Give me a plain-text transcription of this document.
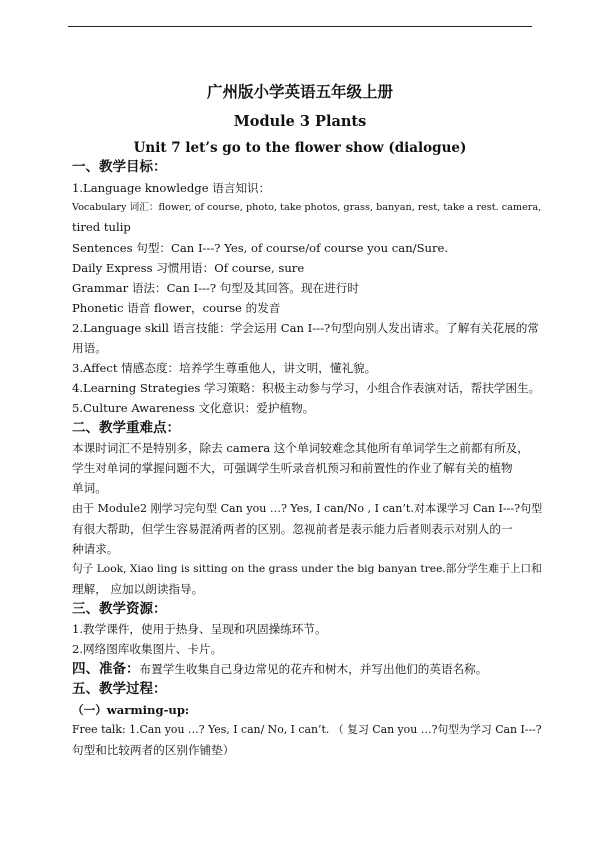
广州版小学英语五年级上册
Module 3 Plants
Unit 7 let’s go to the flower show (dialogue)
一、教学目标：
1.Language knowledge 语言知识：
Vocabulary 词汇：flower, of course, photo, take photos, grass, banyan, rest, take a rest. camera,
tired tulip
Sentences 句型：Can I---? Yes, of course/of course you can/Sure.
Daily Express 习惯用语：Of course, sure
Grammar 语法：Can I---? 句型及其回答。现在进行时
Phonetic 语音 flower，course 的发音
2.Language skill 语言技能：学会运用 Can I---?句型向别人发出请求。了解有关花展的常
用语。
3.Affect 情感态度：培养学生尊重他人，讲文明，懂礼貌。
4.Learning Strategies 学习策略：积极主动参与学习，小组合作表演对话，帮扶学困生。
5.Culture Awareness 文化意识：爱护植物。
二、教学重难点：
本课时词汇不是特别多，除去 camera 这个单词较难念其他所有单词学生之前都有所及，
学生对单词的掌握问题不大，可强调学生听录音机预习和前置性的作业了解有关的植物
单词。
由于 Module2 刚学习完句型 Can you …? Yes, I can/No , I can’t.对本课学习 Can I---?句型
有很大帮助，但学生容易混淆两者的区别。忽视前者是表示能力后者则表示对别人的一
种请求。
句子 Look, Xiao ling is sitting on the grass under the big banyan tree.部分学生难于上口和
理解， 应加以朗读指导。
三、教学资源：
1.教学课件，使用于热身、呈现和巩固操练环节。
2.网络图库收集图片、卡片。
四、准备：布置学生收集自己身边常见的花卉和树木，并写出他们的英语名称。
五、教学过程：
（一）warming-up:
Free talk: 1.Can you …? Yes, I can/ No, I can’t. （ 复习 Can you …?句型为学习 Can I---?
句型和比较两者的区别作铺垫）
